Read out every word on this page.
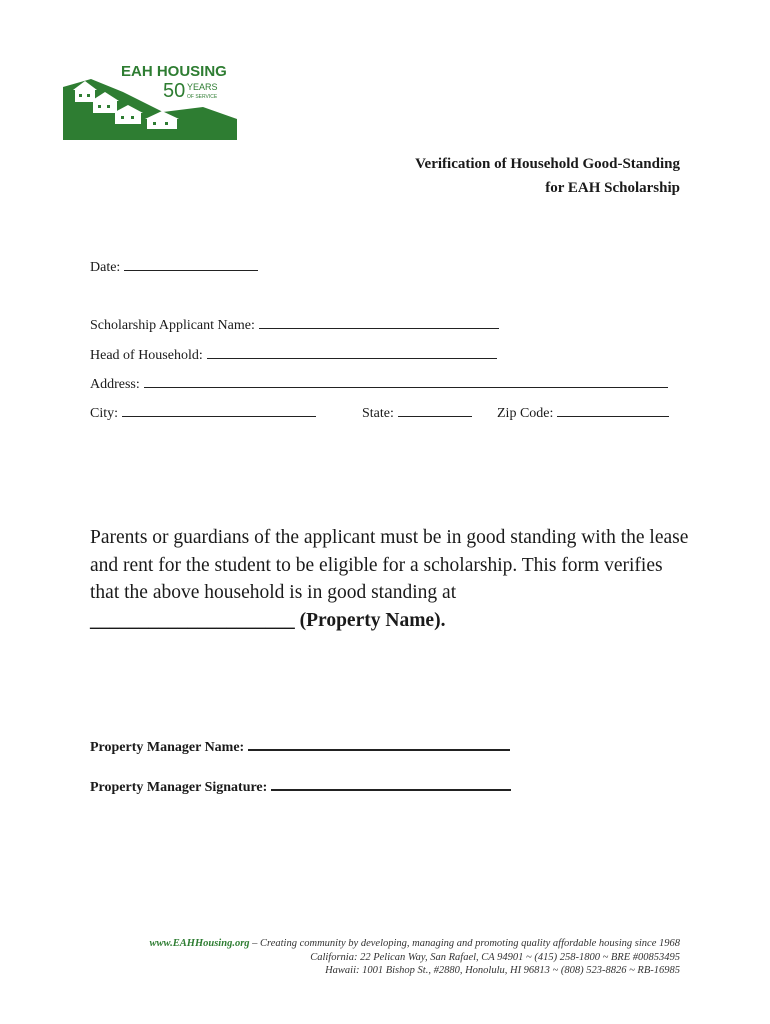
EAH HOUSING
50 YEARS
OF SERVICE
Verification of Household Good-Standing
for EAH Scholarship
Date:
Scholarship Applicant Name:
Head of Household:
Address:
City:	State:	Zip Code:
Parents or guardians of the applicant must be in good standing with the lease and rent for the student to be eligible for a scholarship. This form verifies that the above household is in good standing at
_____________________ (Property Name).
Property Manager Name:
Property Manager Signature:
www.EAHHousing.org – Creating community by developing, managing and promoting quality affordable housing since 1968
California: 22 Pelican Way, San Rafael, CA 94901 ~ (415) 258-1800 ~ BRE #00853495
Hawaii: 1001 Bishop St., #2880, Honolulu, HI 96813 ~ (808) 523-8826 ~ RB-16985
